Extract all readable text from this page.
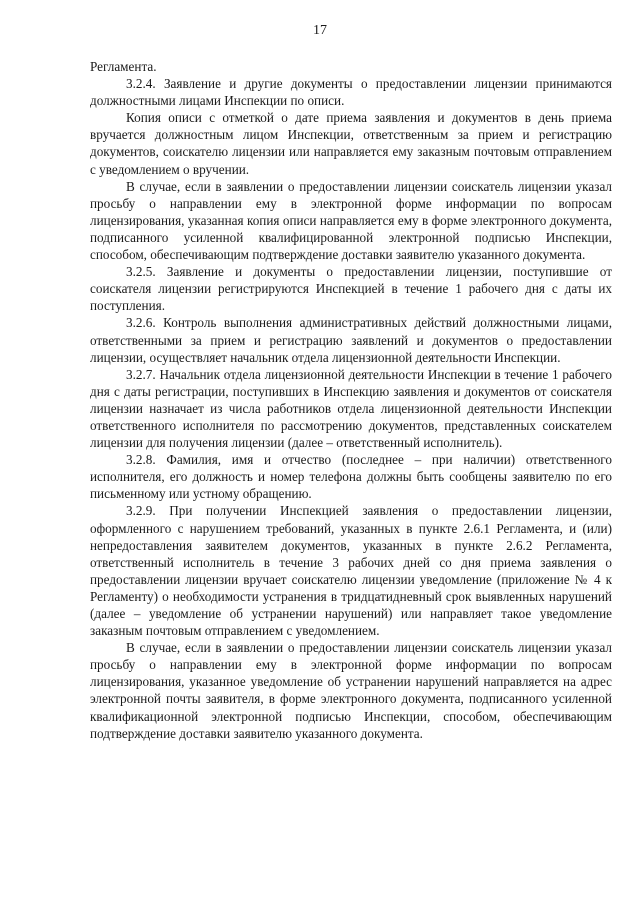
17

Регламента.

3.2.4. Заявление и другие документы о предоставлении лицензии принимаются должностными лицами Инспекции по описи.

Копия описи с отметкой о дате приема заявления и документов в день приема вручается должностным лицом Инспекции, ответственным за прием и регистрацию документов, соискателю лицензии или направляется ему заказным почтовым отправлением с уведомлением о вручении.

В случае, если в заявлении о предоставлении лицензии соискатель лицензии указал просьбу о направлении ему в электронной форме информации по вопросам лицензирования, указанная копия описи направляется ему в форме электронного документа, подписанного усиленной квалифицированной электронной подписью Инспекции, способом, обеспечивающим подтверждение доставки заявителю указанного документа.

3.2.5. Заявление и документы о предоставлении лицензии, поступившие от соискателя лицензии регистрируются Инспекцией в течение 1 рабочего дня с даты их поступления.

3.2.6. Контроль выполнения административных действий должностными лицами, ответственными за прием и регистрацию заявлений и документов о предоставлении лицензии, осуществляет начальник отдела лицензионной деятельности Инспекции.

3.2.7. Начальник отдела лицензионной деятельности Инспекции в течение 1 рабочего дня с даты регистрации, поступивших в Инспекцию заявления и документов от соискателя лицензии назначает из числа работников отдела лицензионной деятельности Инспекции ответственного исполнителя по рассмотрению документов, представленных соискателем лицензии для получения лицензии (далее – ответственный исполнитель).

3.2.8. Фамилия, имя и отчество (последнее – при наличии) ответственного исполнителя, его должность и номер телефона должны быть сообщены заявителю по его письменному или устному обращению.

3.2.9. При получении Инспекцией заявления о предоставлении лицензии, оформленного с нарушением требований, указанных в пункте 2.6.1 Регламента, и (или) непредоставления заявителем документов, указанных в пункте 2.6.2 Регламента, ответственный исполнитель в течение 3 рабочих дней со дня приема заявления о предоставлении лицензии вручает соискателю лицензии уведомление (приложение № 4 к Регламенту) о необходимости устранения в тридцатидневный срок выявленных нарушений (далее – уведомление об устранении нарушений) или направляет такое уведомление заказным почтовым отправлением с уведомлением.

В случае, если в заявлении о предоставлении лицензии соискатель лицензии указал просьбу о направлении ему в электронной форме информации по вопросам лицензирования, указанное уведомление об устранении нарушений направляется на адрес электронной почты заявителя, в форме электронного документа, подписанного усиленной квалификационной электронной подписью Инспекции, способом, обеспечивающим подтверждение доставки заявителю указанного документа.
